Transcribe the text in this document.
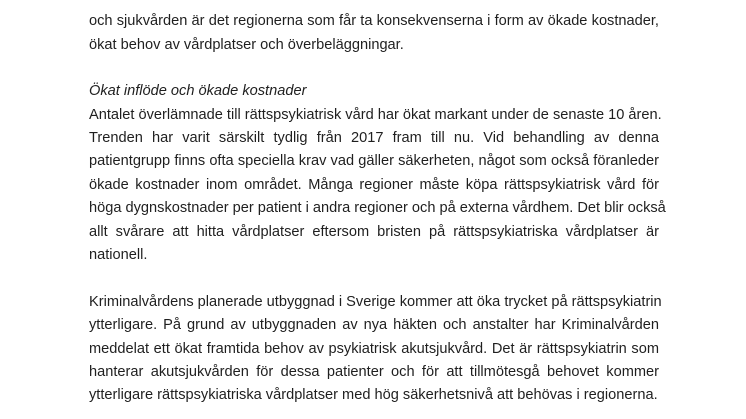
och sjukvården är det regionerna som får ta konsekvenserna i form av ökade kostnader,
ökat behov av vårdplatser och överbeläggningar.
Ökat inflöde och ökade kostnader
Antalet överlämnade till rättspsykiatrisk vård har ökat markant under de senaste 10 åren.
Trenden har varit särskilt tydlig från 2017 fram till nu. Vid behandling av denna
patientgrupp finns ofta speciella krav vad gäller säkerheten, något som också föranleder
ökade kostnader inom området. Många regioner måste köpa rättspsykiatrisk vård för
höga dygnskostnader per patient i andra regioner och på externa vårdhem. Det blir också
allt svårare att hitta vårdplatser eftersom bristen på rättspsykiatriska vårdplatser är
nationell.
Kriminalvårdens planerade utbyggnad i Sverige kommer att öka trycket på rättspsykiatrin
ytterligare. På grund av utbyggnaden av nya häkten och anstalter har Kriminalvården
meddelat ett ökat framtida behov av psykiatrisk akutsjukvård. Det är rättspsykiatrin som
hanterar akutsjukvården för dessa patienter och för att tillmötesgå behovet kommer
ytterligare rättspsykiatriska vårdplatser med hög säkerhetsnivå att behövas i regionerna.
